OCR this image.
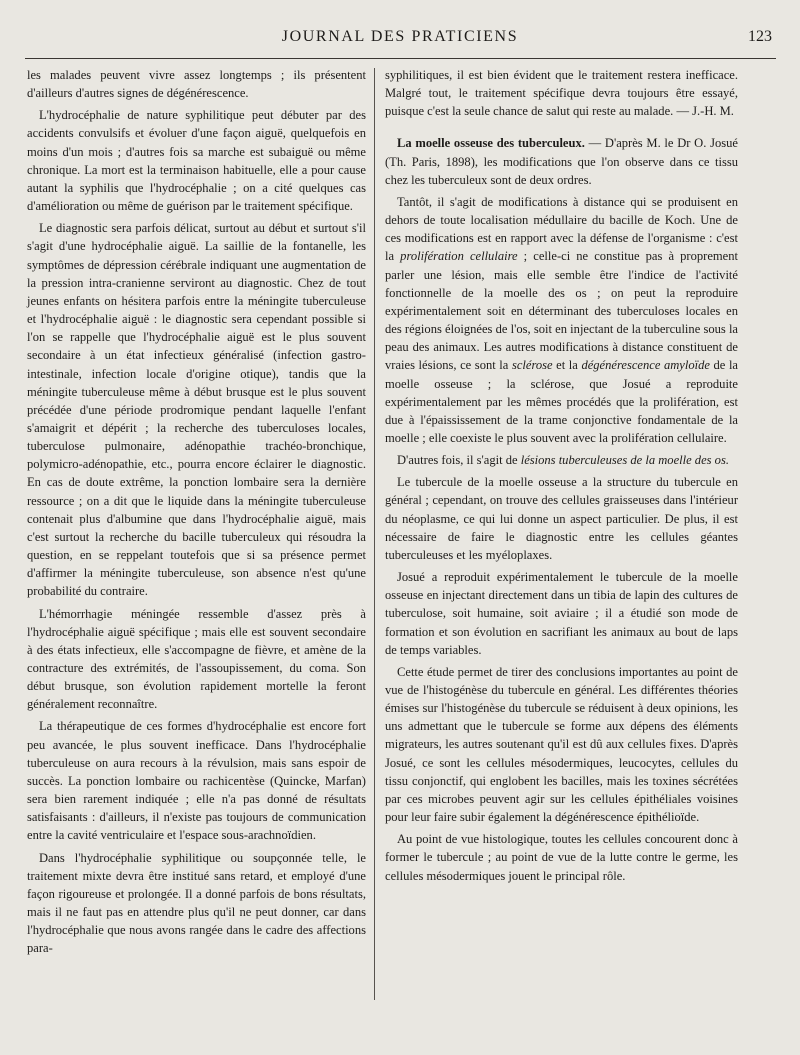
JOURNAL DES PRATICIENS	123

les malades peuvent vivre assez longtemps ; ils présentent d'ailleurs d'autres signes de dégénérescence.

L'hydrocéphalie de nature syphilitique peut débuter par des accidents convulsifs et évoluer d'une façon aiguë, quelquefois en moins d'un mois ; d'autres fois sa marche est subaiguë ou même chronique. La mort est la terminaison habituelle, elle a pour cause autant la syphilis que l'hydrocéphalie ; on a cité quelques cas d'amélioration ou même de guérison par le traitement spécifique.

Le diagnostic sera parfois délicat, surtout au début et surtout s'il s'agit d'une hydrocéphalie aiguë. La saillie de la fontanelle, les symptômes de dépression cérébrale indiquant une augmentation de la pression intra-cranienne serviront au diagnostic. Chez de tout jeunes enfants on hésitera parfois entre la méningite tuberculeuse et l'hydrocéphalie aiguë : le diagnostic sera cependant possible si l'on se rappelle que l'hydrocéphalie aiguë est le plus souvent secondaire à un état infectieux généralisé (infection gastro-intestinale, infection locale d'origine otique), tandis que la méningite tuberculeuse même à début brusque est le plus souvent précédée d'une période prodromique pendant laquelle l'enfant s'amaigrit et dépérit ; la recherche des tuberculoses locales, tuberculose pulmonaire, adénopathie trachéo-bronchique, polymicro-adénopathie, etc., pourra encore éclairer le diagnostic. En cas de doute extrême, la ponction lombaire sera la dernière ressource ; on a dit que le liquide dans la méningite tuberculeuse contenait plus d'albumine que dans l'hydrocéphalie aiguë, mais c'est surtout la recherche du bacille tuberculeux qui résoudra la question, en se reppelant toutefois que si sa présence permet d'affirmer la méningite tuberculeuse, son absence n'est qu'une probabilité du contraire.

L'hémorrhagie méningée ressemble d'assez près à l'hydrocéphalie aiguë spécifique ; mais elle est souvent secondaire à des états infectieux, elle s'accompagne de fièvre, et amène de la contracture des extrémités, de l'assoupissement, du coma. Son début brusque, son évolution rapidement mortelle la feront généralement reconnaître.

La thérapeutique de ces formes d'hydrocéphalie est encore fort peu avancée, le plus souvent inefficace. Dans l'hydrocéphalie tuberculeuse on aura recours à la révulsion, mais sans espoir de succès. La ponction lombaire ou rachicentèse (Quincke, Marfan) sera bien rarement indiquée ; elle n'a pas donné de résultats satisfaisants : d'ailleurs, il n'existe pas toujours de communication entre la cavité ventriculaire et l'espace sous-arachnoïdien.

Dans l'hydrocéphalie syphilitique ou soupçonnée telle, le traitement mixte devra être institué sans retard, et employé d'une façon rigoureuse et prolongée. Il a donné parfois de bons résultats, mais il ne faut pas en attendre plus qu'il ne peut donner, car dans l'hydrocéphalie que nous avons rangée dans le cadre des affections para-

syphilitiques, il est bien évident que le traitement restera inefficace. Malgré tout, le traitement spécifique devra toujours être essayé, puisque c'est la seule chance de salut qui reste au malade. — J.-H. M.

La moelle osseuse des tuberculeux. — D'après M. le Dr O. Josué (Th. Paris, 1898), les modifications que l'on observe dans ce tissu chez les tuberculeux sont de deux ordres.

Tantôt, il s'agit de modifications à distance qui se produisent en dehors de toute localisation médullaire du bacille de Koch. Une de ces modifications est en rapport avec la défense de l'organisme : c'est la prolifération cellulaire ; celle-ci ne constitue pas à proprement parler une lésion, mais elle semble être l'indice de l'activité fonctionnelle de la moelle des os ; on peut la reproduire expérimentalement soit en déterminant des tuberculoses locales en des régions éloignées de l'os, soit en injectant de la tuberculine sous la peau des animaux. Les autres modifications à distance constituent de vraies lésions, ce sont la sclérose et la dégénérescence amyloïde de la moelle osseuse ; la sclérose, que Josué a reproduite expérimentalement par les mêmes procédés que la prolifération, est due à l'épaississement de la trame conjonctive fondamentale de la moelle ; elle coexiste le plus souvent avec la prolifération cellulaire.

D'autres fois, il s'agit de lésions tuberculeuses de la moelle des os.

Le tubercule de la moelle osseuse a la structure du tubercule en général ; cependant, on trouve des cellules graisseuses dans l'intérieur du néoplasme, ce qui lui donne un aspect particulier. De plus, il est nécessaire de faire le diagnostic entre les cellules géantes tuberculeuses et les myéloplaxes.

Josué a reproduit expérimentalement le tubercule de la moelle osseuse en injectant directement dans un tibia de lapin des cultures de tuberculose, soit humaine, soit aviaire ; il a étudié son mode de formation et son évolution en sacrifiant les animaux au bout de laps de temps variables.

Cette étude permet de tirer des conclusions importantes au point de vue de l'histogénèse du tubercule en général. Les différentes théories émises sur l'histogénèse du tubercule se réduisent à deux opinions, les uns admettant que le tubercule se forme aux dépens des éléments migrateurs, les autres soutenant qu'il est dû aux cellules fixes. D'après Josué, ce sont les cellules mésodermiques, leucocytes, cellules du tissu conjonctif, qui englobent les bacilles, mais les toxines sécrétées par ces microbes peuvent agir sur les cellules épithéliales voisines pour leur faire subir également la dégénérescence épithélioïde.

Au point de vue histologique, toutes les cellules concourent donc à former le tubercule ; au point de vue de la lutte contre le germe, les cellules mésodermiques jouent le principal rôle.
